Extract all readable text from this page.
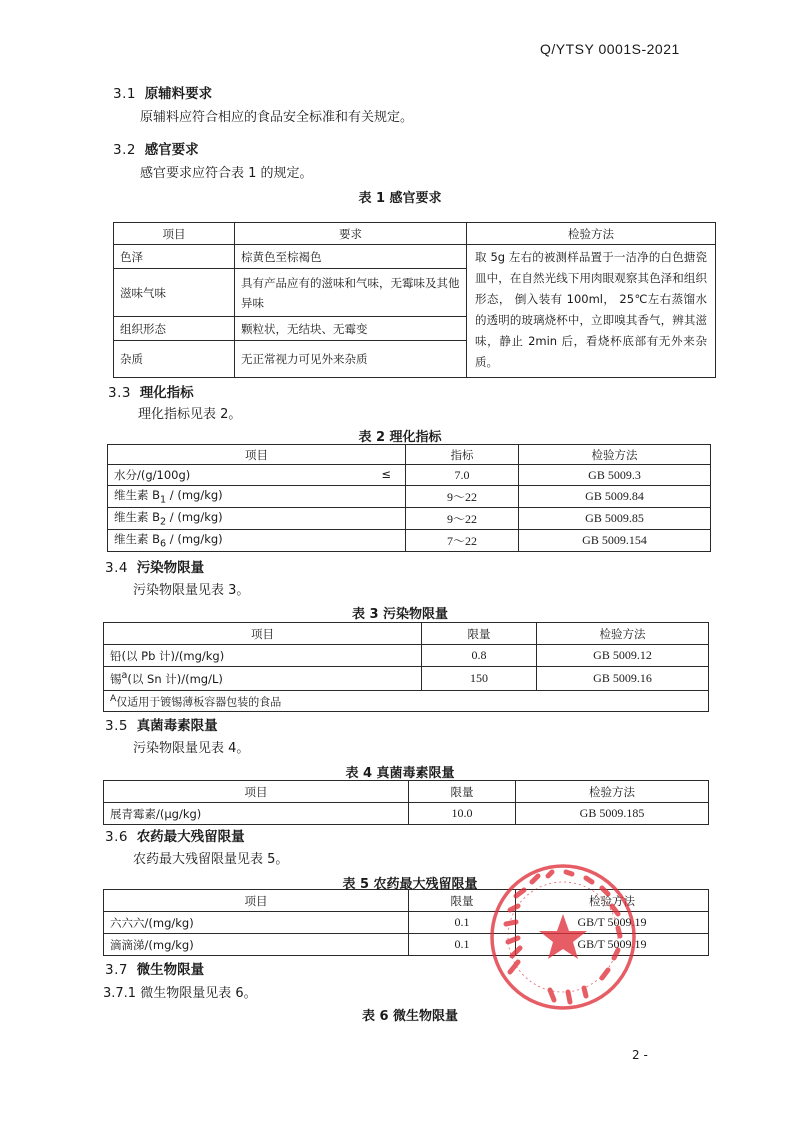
Q/YTSY 0001S-2021
3.1 原辅料要求
原辅料应符合相应的食品安全标准和有关规定。
3.2 感官要求
感官要求应符合表 1 的规定。
表 1 感官要求
项目	要求	检验方法
色泽	棕黄色至棕褐色	取 5g 左右的被测样品置于一洁净的白色搪瓷皿中，在自然光线下用肉眼观察其色泽和组织形态， 倒入装有 100ml， 25℃左右蒸馏水的透明的玻璃烧杯中，立即嗅其香气，辨其滋味，静止 2min 后，看烧杯底部有无外来杂质。
滋味气味	具有产品应有的滋味和气味，无霉味及其他异味	
组织形态	颗粒状，无结块、无霉变	
杂质	无正常视力可见外来杂质	
3.3 理化指标
理化指标见表 2。
表 2 理化指标
项目	指标	检验方法
水分/(g/100g) ≤	7.0	GB 5009.3
维生素 $B_1 / (mg/kg)$	9～22	GB 5009.84
维生素 $B_2 / (mg/kg)$	9～22	GB 5009.85
维生素 $B_6 / (mg/kg)$	7～22	GB 5009.154
3.4 污染物限量
污染物限量见表 3。
表 3 污染物限量
项目	限量	检验方法
铅(以 Pb 计)/(mg/kg)	0.8	GB 5009.12
锡$^a$(以 Sn 计)/(mg/L)	150	GB 5009.16
$^A$仅适用于镀锡薄板容器包装的食品		
3.5 真菌毒素限量
污染物限量见表 4。
表 4 真菌毒素限量
项目	限量	检验方法
展青霉素/(μg/kg)	10.0	GB 5009.185
3.6 农药最大残留限量
农药最大残留限量见表 5。
表 5 农药最大残留限量
项目	限量	检验方法
六六六/(mg/kg)	0.1	GB/T 5009.19
滴滴涕/(mg/kg)	0.1	GB/T 5009.19
3.7 微生物限量
3.7.1 微生物限量见表 6。
表 6 微生物限量
2 -
